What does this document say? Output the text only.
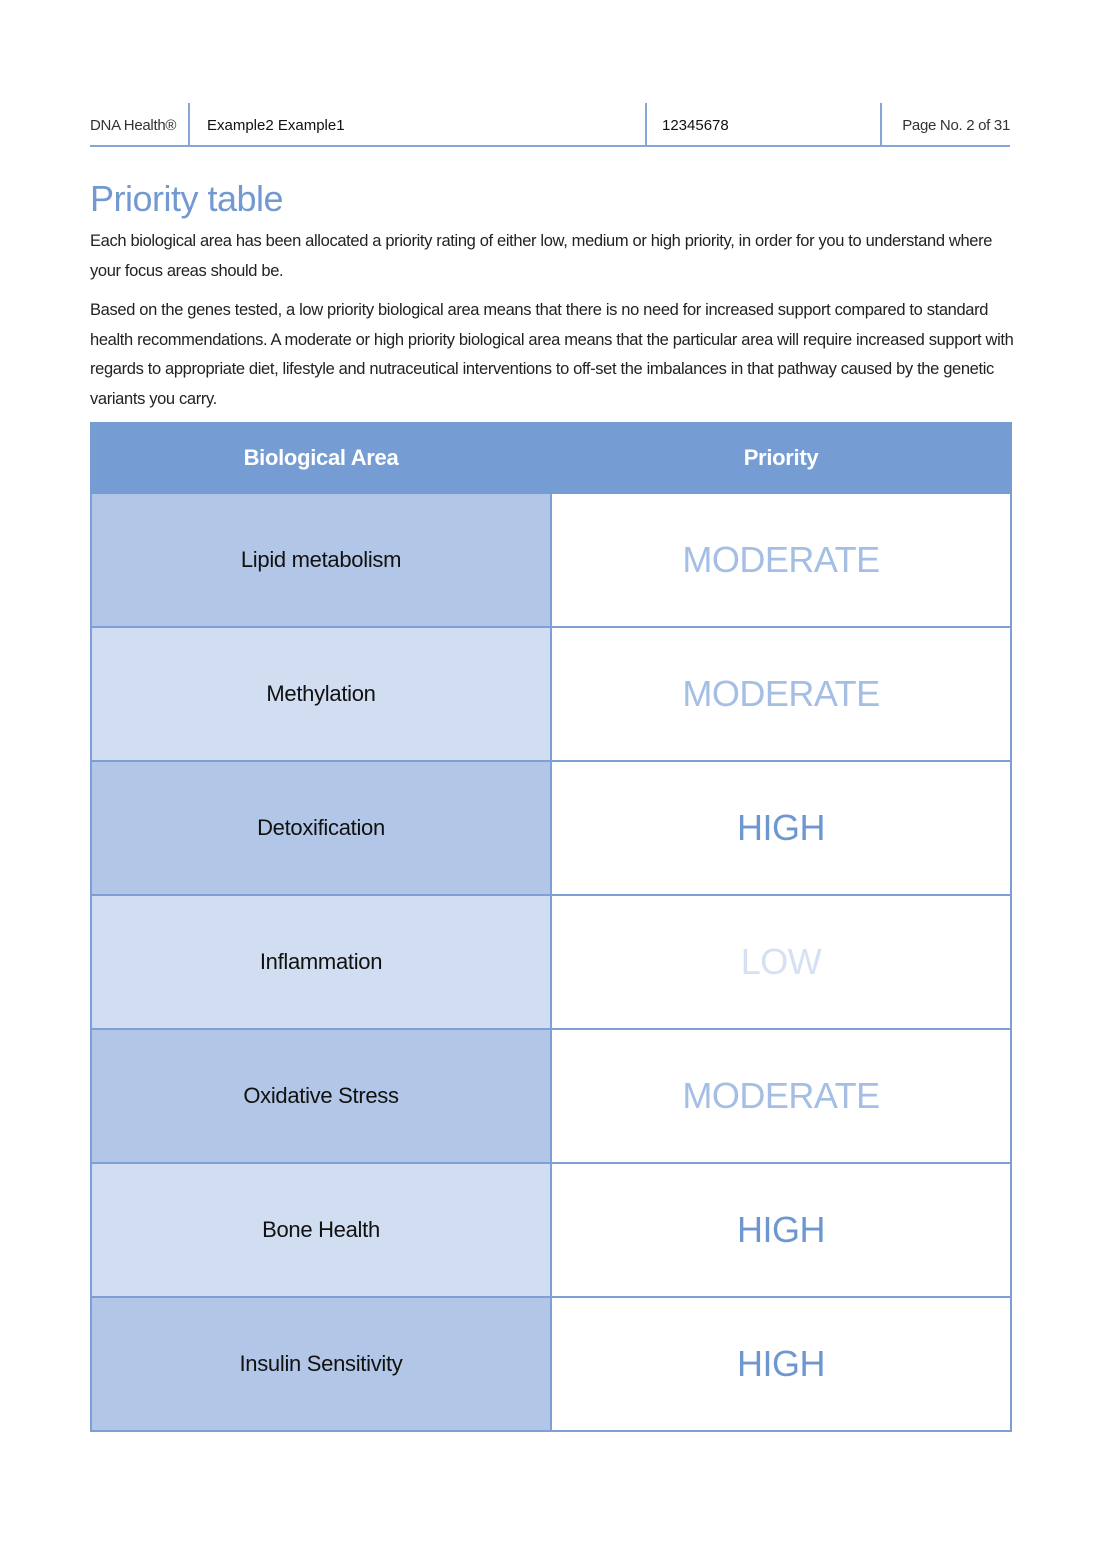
DNA Health® Example2 Example1	12345678	Page No. 2 of 31
Priority table

Each biological area has been allocated a priority rating of either low, medium or high priority, in order for you to understand where your focus areas should be.

Based on the genes tested, a low priority biological area means that there is no need for increased support compared to standard health recommendations. A moderate or high priority biological area means that the particular area will require increased support with regards to appropriate diet, lifestyle and nutraceutical interventions to off-set the imbalances in that pathway caused by the genetic variants you carry.

Biological Area	Priority
Lipid metabolism	MODERATE
Methylation	MODERATE
Detoxification	HIGH
Inflammation	LOW
Oxidative Stress	MODERATE
Bone Health	HIGH
Insulin Sensitivity	HIGH
